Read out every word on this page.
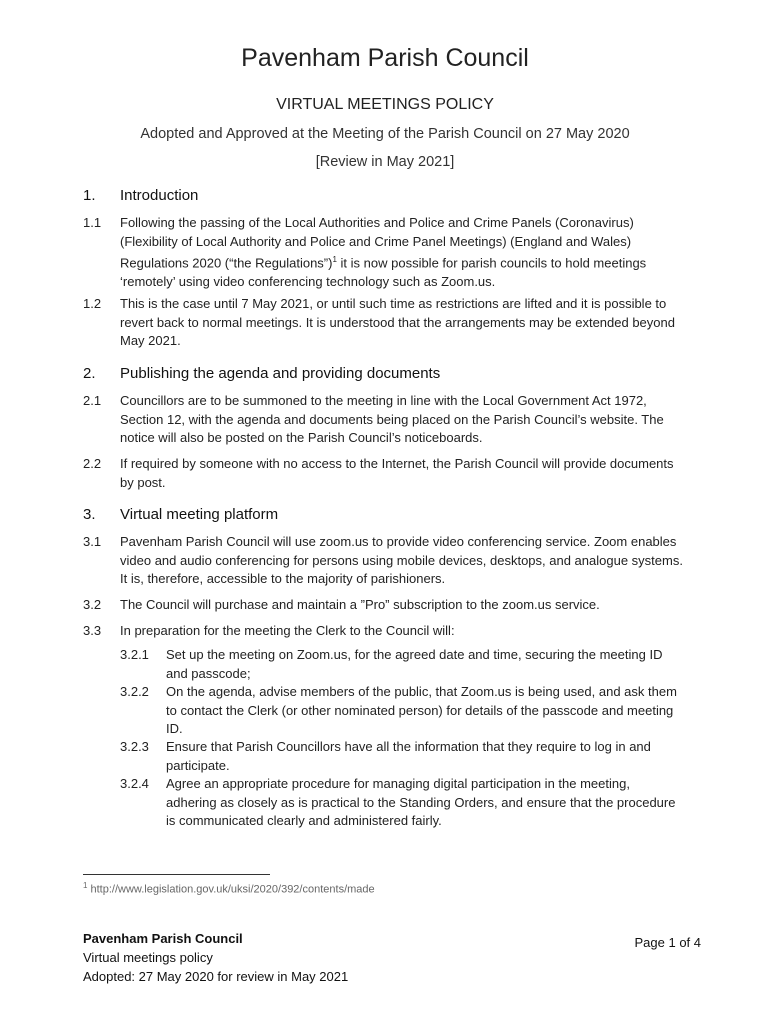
Pavenham Parish Council
VIRTUAL MEETINGS POLICY
Adopted and Approved at the Meeting of the Parish Council on 27 May 2020
[Review in May 2021]
1. Introduction
1.1 Following the passing of the Local Authorities and Police and Crime Panels (Coronavirus) (Flexibility of Local Authority and Police and Crime Panel Meetings) (England and Wales) Regulations 2020 (“the Regulations”)$^1$ it is now possible for parish councils to hold meetings ‘remotely’ using video conferencing technology such as Zoom.us.
1.2 This is the case until 7 May 2021, or until such time as restrictions are lifted and it is possible to revert back to normal meetings. It is understood that the arrangements may be extended beyond May 2021.
2. Publishing the agenda and providing documents
2.1 Councillors are to be summoned to the meeting in line with the Local Government Act 1972, Section 12, with the agenda and documents being placed on the Parish Council’s website. The notice will also be posted on the Parish Council’s noticeboards.
2.2 If required by someone with no access to the Internet, the Parish Council will provide documents by post.
3. Virtual meeting platform
3.1 Pavenham Parish Council will use zoom.us to provide video conferencing service. Zoom enables video and audio conferencing for persons using mobile devices, desktops, and analogue systems. It is, therefore, accessible to the majority of parishioners.
3.2 The Council will purchase and maintain a ”Pro” subscription to the zoom.us service.
3.3 In preparation for the meeting the Clerk to the Council will:
3.2.1 Set up the meeting on Zoom.us, for the agreed date and time, securing the meeting ID and passcode;
3.2.2 On the agenda, advise members of the public, that Zoom.us is being used, and ask them to contact the Clerk (or other nominated person) for details of the passcode and meeting ID.
3.2.3 Ensure that Parish Councillors have all the information that they require to log in and participate.
3.2.4 Agree an appropriate procedure for managing digital participation in the meeting, adhering as closely as is practical to the Standing Orders, and ensure that the procedure is communicated clearly and administered fairly.
$^1$ http://www.legislation.gov.uk/uksi/2020/392/contents/made
Pavenham Parish Council
Virtual meetings policy
Adopted: 27 May 2020 for review in May 2021
Page 1 of 4
